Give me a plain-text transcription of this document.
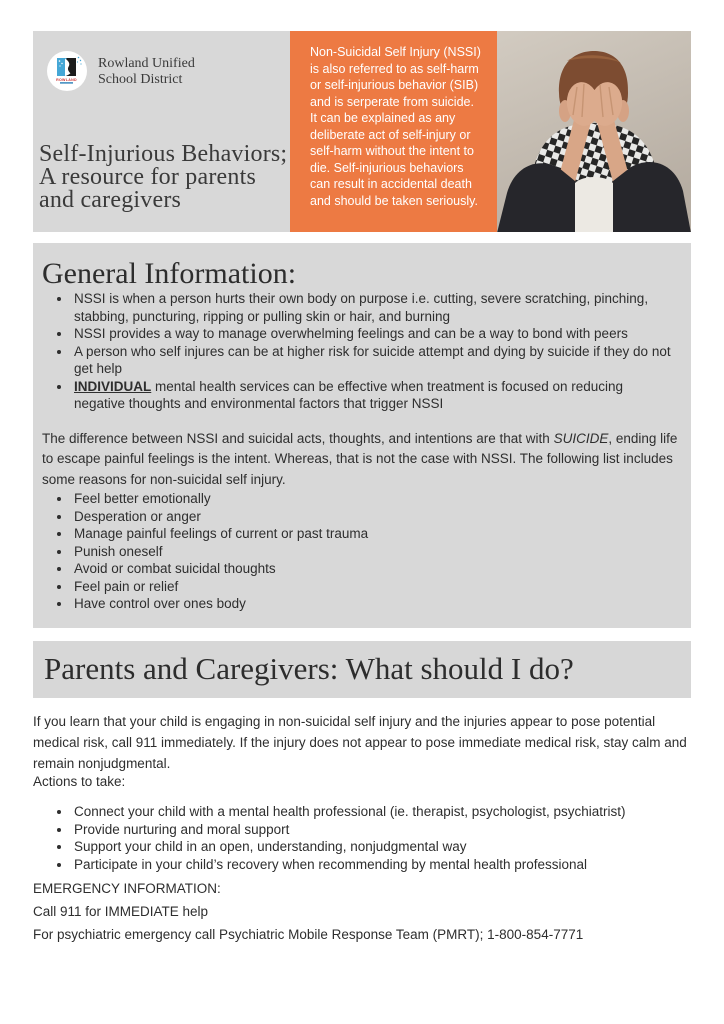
ROWLAND
Rowland Unified
School District
Self-Injurious Behaviors;
A resource for parents
and caregivers

Non-Suicidal Self Injury (NSSI) is also referred to as self-harm or self-injurious behavior (SIB) and is serperate from suicide.

It can be explained as any deliberate act of self-injury or self-harm without the intent to die. Self-injurious behaviors can result in accidental death and should be taken seriously.

General Information:
• NSSI is when a person hurts their own body on purpose i.e. cutting, severe scratching, pinching, stabbing, puncturing, ripping or pulling skin or hair, and burning
• NSSI provides a way to manage overwhelming feelings and can be a way to bond with peers
• A person who self injures can be at higher risk for suicide attempt and dying by suicide if they do not get help
• INDIVIDUAL mental health services can be effective when treatment is focused on reducing negative thoughts and environmental factors that trigger NSSI

The difference between NSSI and suicidal acts, thoughts, and intentions are that with SUICIDE, ending life to escape painful feelings is the intent. Whereas, that is not the case with NSSI. The following list includes some reasons for non-suicidal self injury.

• Feel better emotionally
• Desperation or anger
• Manage painful feelings of current or past trauma
• Punish oneself
• Avoid or combat suicidal thoughts
• Feel pain or relief
• Have control over ones body
Parents and Caregivers: What should I do?

If you learn that your child is engaging in non-suicidal self injury and the injuries appear to pose potential medical risk, call 911 immediately. If the injury does not appear to pose immediate medical risk, stay calm and remain nonjudgmental.

Actions to take:

• Connect your child with a mental health professional (ie. therapist, psychologist, psychiatrist)
• Provide nurturing and moral support
• Support your child in an open, understanding, nonjudgmental way
• Participate in your child’s recovery when recommending by mental health professional

EMERGENCY INFORMATION:

Call 911 for IMMEDIATE help

For psychiatric emergency call Psychiatric Mobile Response Team (PMRT); 1-800-854-7771
